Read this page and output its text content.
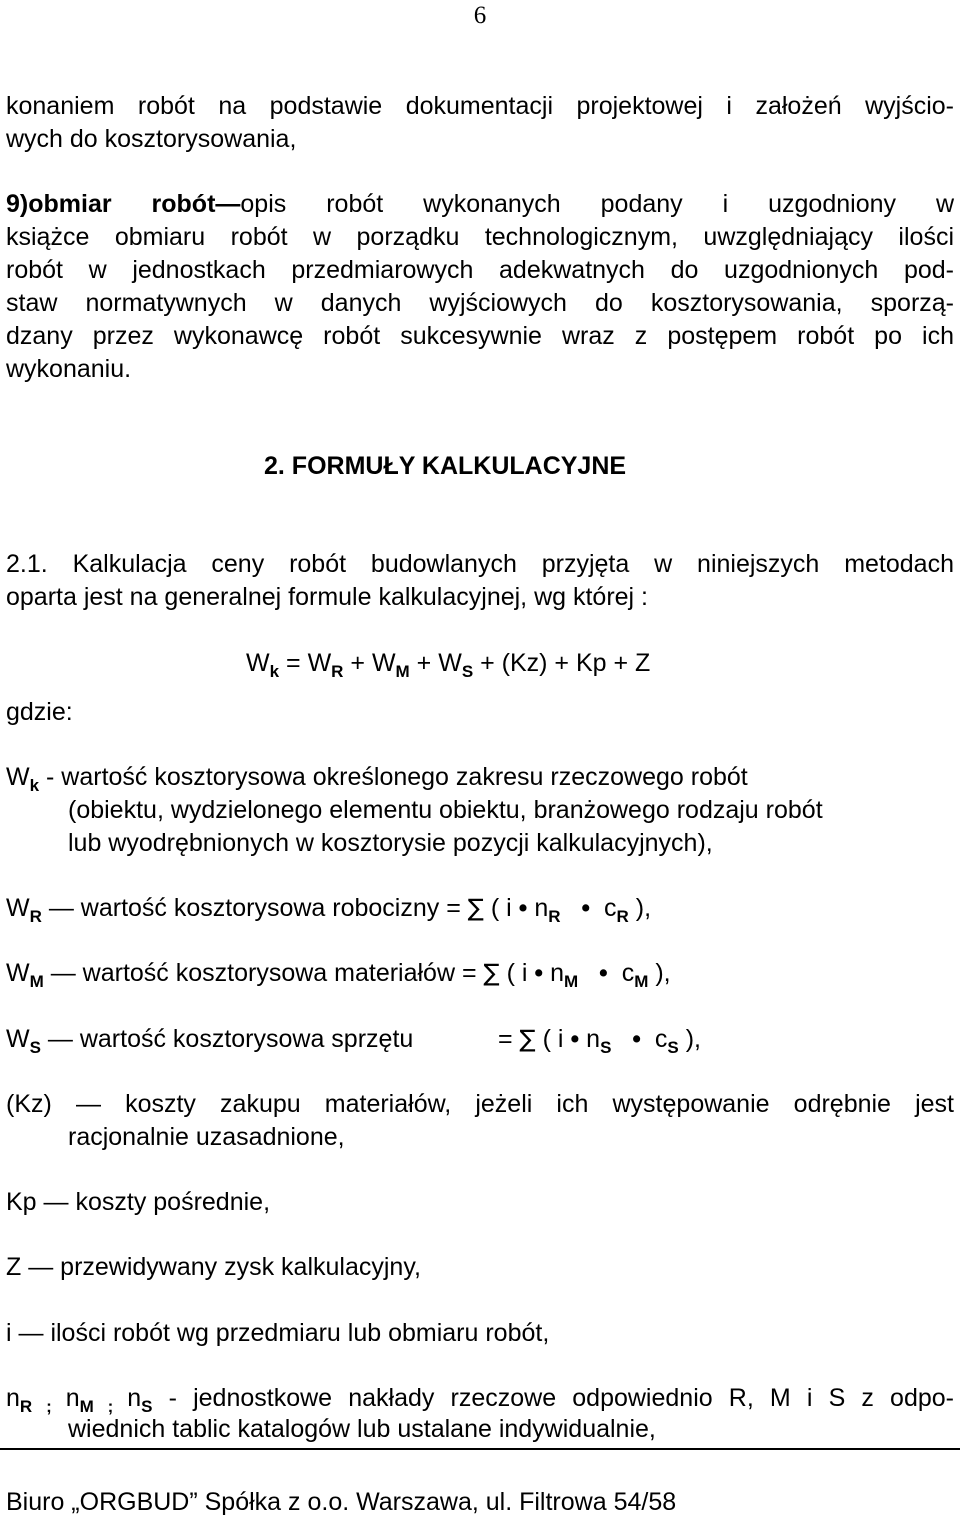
6
konaniem robót na podstawie dokumentacji projektowej i założeń wyjścio-
wych do kosztorysowania,
9)obmiar robót—opis robót wykonanych podany i uzgodniony w
książce obmiaru robót w porządku technologicznym, uwzględniający ilości
robót w jednostkach przedmiarowych adekwatnych do uzgodnionych pod-
staw normatywnych w danych wyjściowych do kosztorysowania, sporzą-
dzany przez wykonawcę robót sukcesywnie wraz z postępem robót po ich
wykonaniu.
2. FORMUŁY KALKULACYJNE
2.1. Kalkulacja ceny robót budowlanych przyjęta w niniejszych metodach
oparta jest na generalnej formule kalkulacyjnej, wg której :
$W_k = W_R + W_M + W_S + (Kz) + Kp + Z$
gdzie:
$W_k$ - wartość kosztorysowa określonego zakresu rzeczowego robót
(obiektu, wydzielonego elementu obiektu, branżowego rodzaju robót
lub wyodrębnionych w kosztorysie pozycji kalkulacyjnych),
$W_R$ — wartość kosztorysowa robocizny = ∑ ( i • $n_R$ • $c_R$ ),
$W_M$ — wartość kosztorysowa materiałów = ∑ ( i • $n_M$ • $c_M$ ),
$W_S$ — wartość kosztorysowa sprzętu	= ∑ ( i • $n_S$ • $c_S$ ),
(Kz) — koszty zakupu materiałów, jeżeli ich występowanie odrębnie jest
racjonalnie uzasadnione,
Kp — koszty pośrednie,
Z — przewidywany zysk kalkulacyjny,
i — ilości robót wg przedmiaru lub obmiaru robót,
$n_{R ;}$ $n_{M ;}$ $n_S$ - jednostkowe nakłady rzeczowe odpowiednio R, M i S z odpo-
wiednich tablic katalogów lub ustalane indywidualnie,
Biuro „ORGBUD” Spółka z o.o. Warszawa, ul. Filtrowa 54/58
